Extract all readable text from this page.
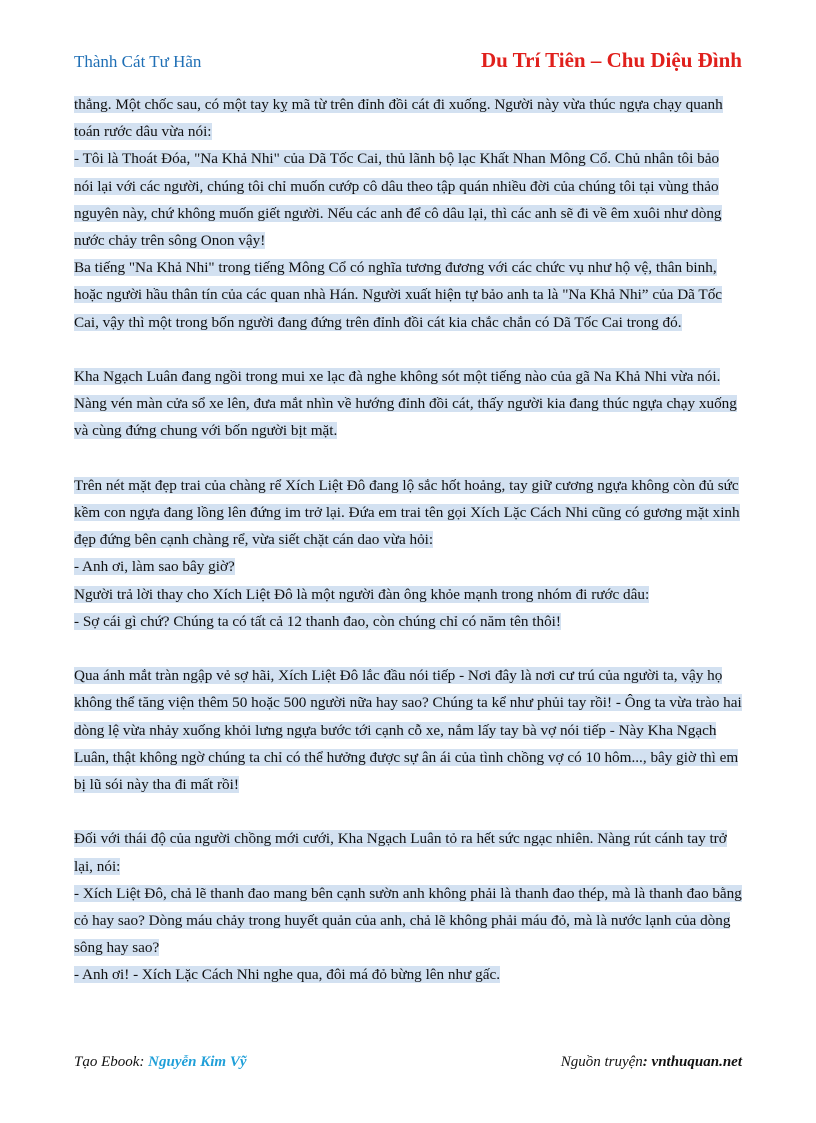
Thành Cát Tư Hãn	Du Trí Tiên – Chu Diệu Đình

thẳng. Một chốc sau, có một tay kỵ mã từ trên đỉnh đồi cát đi xuống. Người này vừa thúc ngựa chạy quanh toán rước dâu vừa nói:

- Tôi là Thoát Đóa, "Na Khả Nhi" của Dã Tốc Cai, thủ lãnh bộ lạc Khất Nhan Mông Cổ. Chủ nhân tôi bảo nói lại với các người, chúng tôi chỉ muốn cướp cô dâu theo tập quán nhiều đời của chúng tôi tại vùng thảo nguyên này, chứ không muốn giết người. Nếu các anh để cô dâu lại, thì các anh sẽ đi về êm xuôi như dòng nước chảy trên sông Onon vậy!

Ba tiếng "Na Khả Nhi" trong tiếng Mông Cổ có nghĩa tương đương với các chức vụ như hộ vệ, thân binh, hoặc người hầu thân tín của các quan nhà Hán. Người xuất hiện tự bảo anh ta là "Na Khả Nhi” của Dã Tốc Cai, vậy thì một trong bốn người đang đứng trên đỉnh đồi cát kia chắc chắn có Dã Tốc Cai trong đó.

Kha Ngạch Luân đang ngồi trong mui xe lạc đà nghe không sót một tiếng nào của gã Na Khả Nhi vừa nói. Nàng vén màn cửa sổ xe lên, đưa mắt nhìn về hướng đỉnh đồi cát, thấy người kia đang thúc ngựa chạy xuống và cùng đứng chung với bốn người bịt mặt.

Trên nét mặt đẹp trai của chàng rể Xích Liệt Đô đang lộ sắc hốt hoảng, tay giữ cương ngựa không còn đủ sức kềm con ngựa đang lồng lên đứng im trở lại. Đứa em trai tên gọi Xích Lặc Cách Nhi cũng có gương mặt xinh đẹp đứng bên cạnh chàng rể, vừa siết chặt cán dao vừa hỏi:

- Anh ơi, làm sao bây giờ?

Người trả lời thay cho Xích Liệt Đô là một người đàn ông khỏe mạnh trong nhóm đi rước dâu:

- Sợ cái gì chứ? Chúng ta có tất cả 12 thanh đao, còn chúng chỉ có năm tên thôi!

Qua ánh mắt tràn ngập vẻ sợ hãi, Xích Liệt Đô lắc đầu nói tiếp - Nơi đây là nơi cư trú của người ta, vậy họ không thể tăng viện thêm 50 hoặc 500 người nữa hay sao? Chúng ta kể như phủi tay rồi! - Ông ta vừa trào hai dòng lệ vừa nhảy xuống khỏi lưng ngựa bước tới cạnh cỗ xe, nắm lấy tay bà vợ nói tiếp - Này Kha Ngạch Luân, thật không ngờ chúng ta chỉ có thể hưởng được sự ân ái của tình chồng vợ có 10 hôm..., bây giờ thì em bị lũ sói này tha đi mất rồi!

Đối với thái độ của người chồng mới cưới, Kha Ngạch Luân tỏ ra hết sức ngạc nhiên. Nàng rút cánh tay trở lại, nói:

- Xích Liệt Đô, chả lẽ thanh đao mang bên cạnh sườn anh không phải là thanh đao thép, mà là thanh đao bằng cỏ hay sao? Dòng máu chảy trong huyết quản của anh, chả lẽ không phải máu đỏ, mà là nước lạnh của dòng sông hay sao?

- Anh ơi! - Xích Lặc Cách Nhi nghe qua, đôi má đỏ bừng lên như gấc.

Tạo Ebook: Nguyễn Kim Vỹ	Nguồn truyện: vnthuquan.net
